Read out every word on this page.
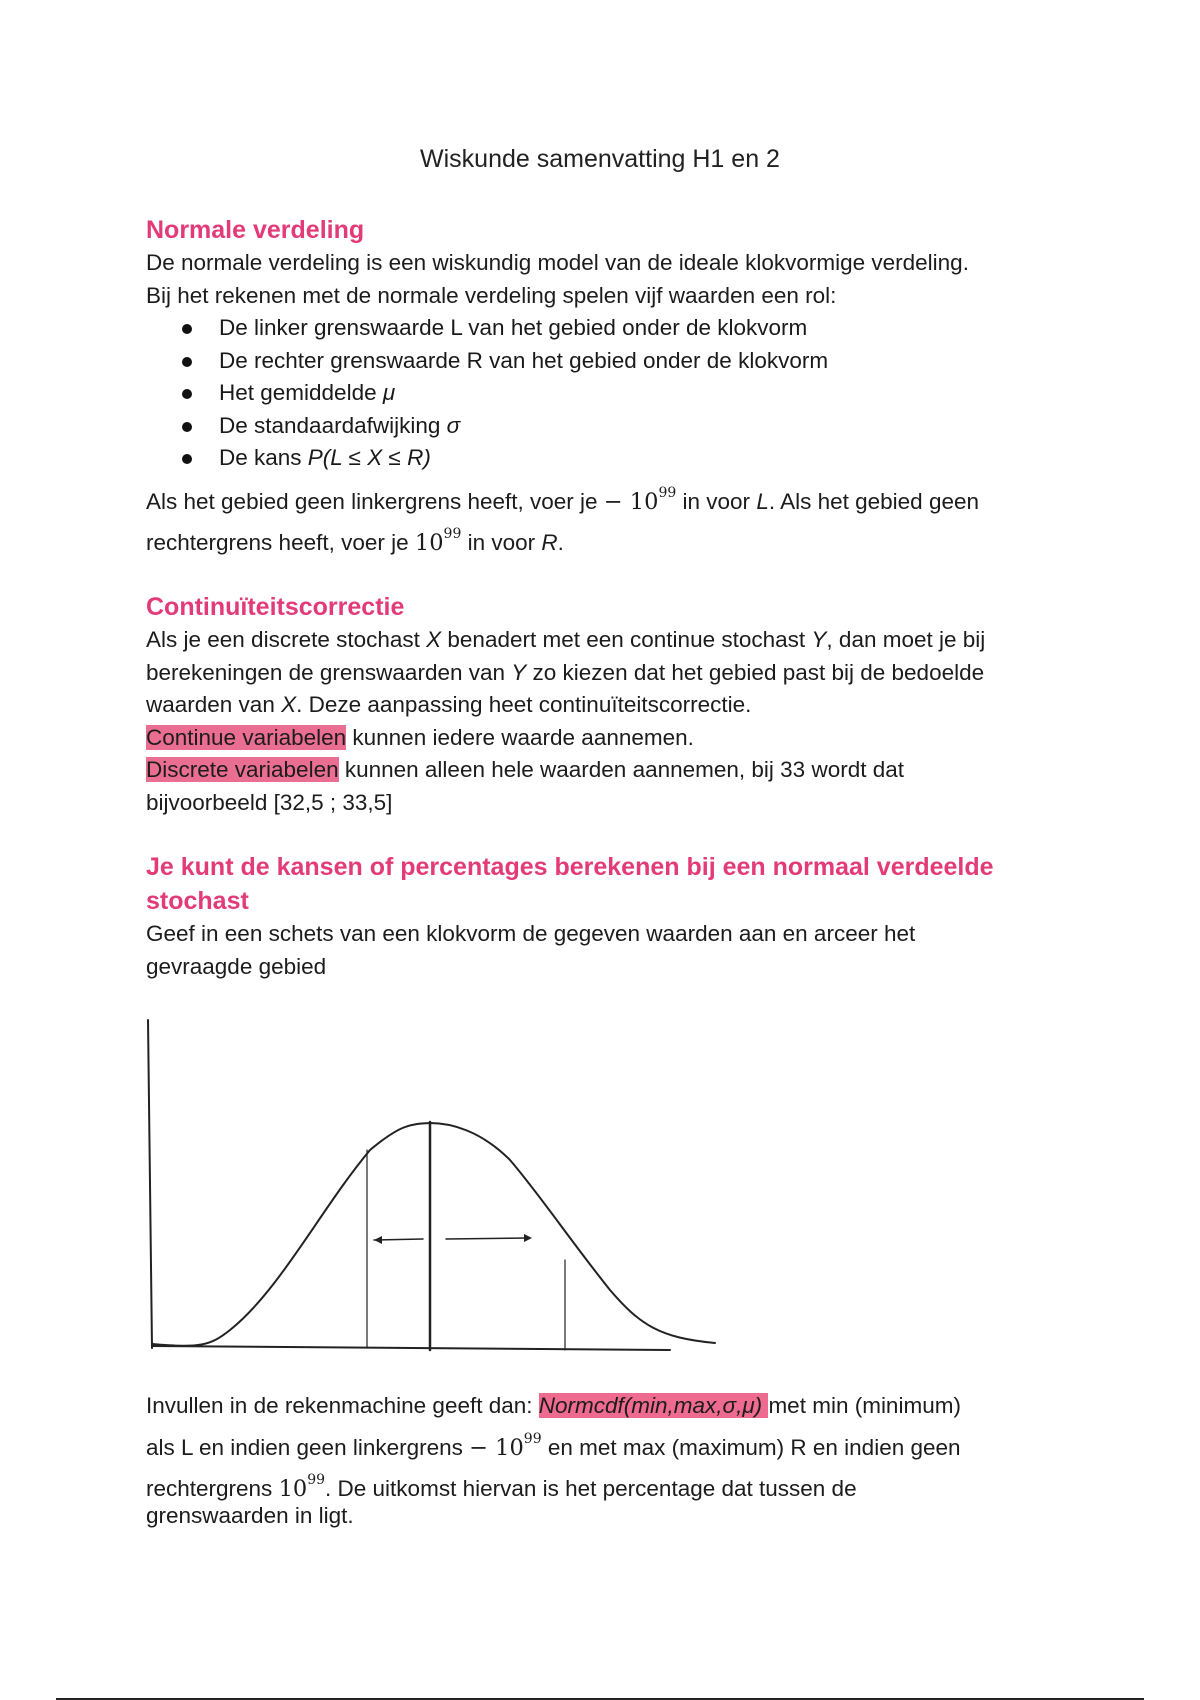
Wiskunde samenvatting H1 en 2
Normale verdeling

De normale verdeling is een wiskundig model van de ideale klokvormige verdeling.

Bij het rekenen met de normale verdeling spelen vijf waarden een rol:

De linker grenswaarde L van het gebied onder de klokvorm
De rechter grenswaarde R van het gebied onder de klokvorm
Het gemiddelde μ
De standaardafwijking σ
De kans P(L ≤ X ≤ R)

Als het gebied geen linkergrens heeft, voer je − $10^{99}$ in voor L. Als het gebied geen
rechtergrens heeft, voer je $10^{99}$ in voor R.

Continuïteitscorrectie

Als je een discrete stochast X benadert met een continue stochast Y, dan moet je bij

berekeningen de grenswaarden van Y zo kiezen dat het gebied past bij de bedoelde

waarden van X. Deze aanpassing heet continuïteitscorrectie.

Continue variabelen kunnen iedere waarde aannemen.

Discrete variabelen kunnen alleen hele waarden aannemen, bij 33 wordt dat

bijvoorbeeld [32,5 ; 33,5]

Je kunt de kansen of percentages berekenen bij een normaal verdeelde stochast

Geef in een schets van een klokvorm de gegeven waarden aan en arceer het

gevraagde gebied

Invullen in de rekenmachine geeft dan: Normcdf(min,max,σ,μ) met min (minimum)
als L en indien geen linkergrens − $10^{99}$ en met max (maximum) R en indien geen
rechtergrens $10^{99}$. De uitkomst hiervan is het percentage dat tussen de

grenswaarden in ligt.
